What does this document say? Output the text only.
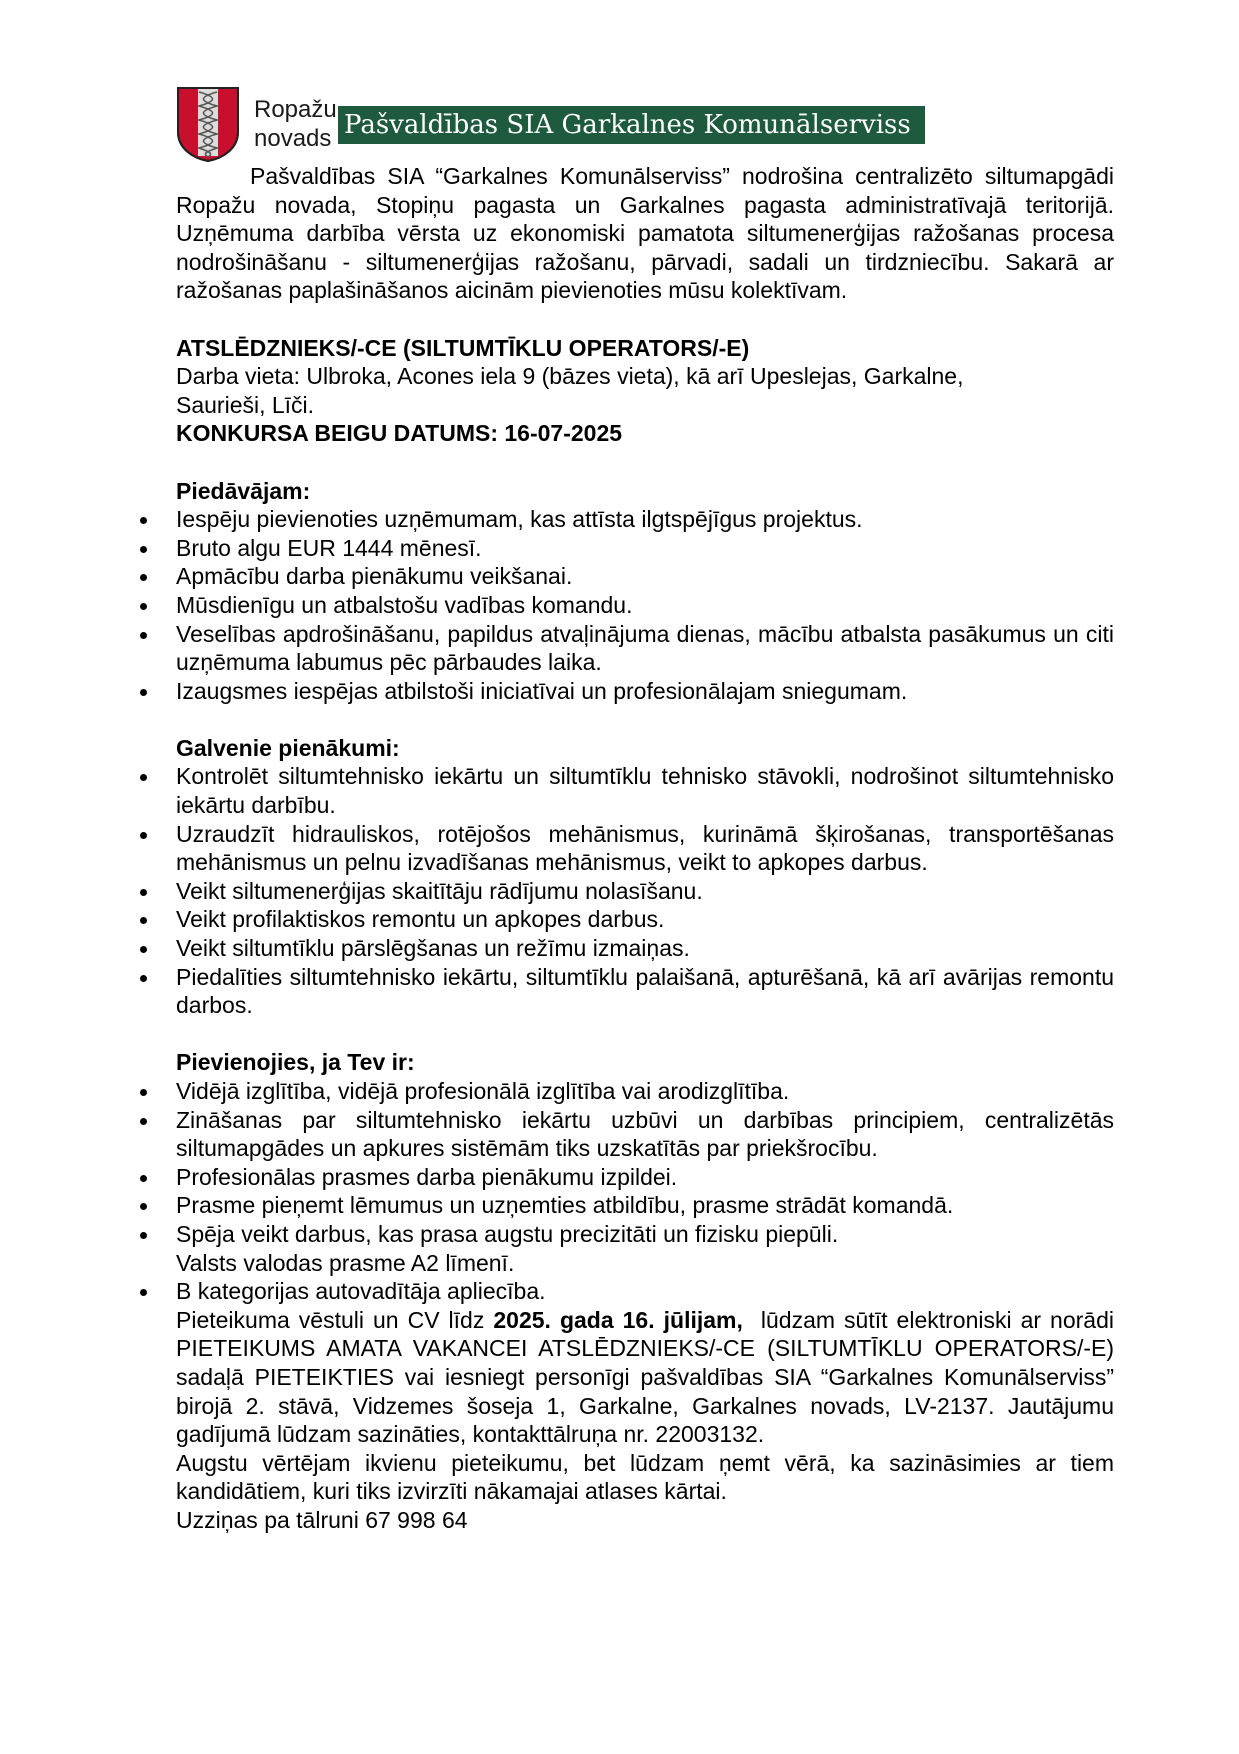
Ropažu
novads Pašvaldības SIA Garkalnes Komunālserviss

Pašvaldības SIA “Garkalnes Komunālserviss” nodrošina centralizēto siltumapgādi Ropažu novada, Stopiņu pagasta un Garkalnes pagasta administratīvajā teritorijā. Uzņēmuma darbība vērsta uz ekonomiski pamatota siltumenerģijas ražošanas procesa nodrošināšanu - siltumenerģijas ražošanu, pārvadi, sadali un tirdzniecību. Sakarā ar ražošanas paplašināšanos aicinām pievienoties mūsu kolektīvam.

ATSLĒDZNIEKS/-CE (SILTUMTĪKLU OPERATORS/-E)

Darba vieta: Ulbroka, Acones iela 9 (bāzes vieta), kā arī Upeslejas, Garkalne,

Saurieši, Līči.

KONKURSA BEIGU DATUMS: 16-07-2025

Piedāvājam:

Iespēju pievienoties uzņēmumam, kas attīsta ilgtspējīgus projektus.
Bruto algu EUR 1444 mēnesī.
Apmācību darba pienākumu veikšanai.
Mūsdienīgu un atbalstošu vadības komandu.
Veselības apdrošināšanu, papildus atvaļinājuma dienas, mācību atbalsta pasākumus un citi uzņēmuma labumus pēc pārbaudes laika.
Izaugsmes iespējas atbilstoši iniciatīvai un profesionālajam sniegumam.

Galvenie pienākumi:

Kontrolēt siltumtehnisko iekārtu un siltumtīklu tehnisko stāvokli, nodrošinot siltumtehnisko iekārtu darbību.
Uzraudzīt hidrauliskos, rotējošos mehānismus, kurināmā šķirošanas, transportēšanas mehānismus un pelnu izvadīšanas mehānismus, veikt to apkopes darbus.
Veikt siltumenerģijas skaitītāju rādījumu nolasīšanu.
Veikt profilaktiskos remontu un apkopes darbus.
Veikt siltumtīklu pārslēgšanas un režīmu izmaiņas.
Piedalīties siltumtehnisko iekārtu, siltumtīklu palaišanā, apturēšanā, kā arī avārijas remontu darbos.

Pievienojies, ja Tev ir:

Vidējā izglītība, vidējā profesionālā izglītība vai arodizglītība.
Zināšanas par siltumtehnisko iekārtu uzbūvi un darbības principiem, centralizētās siltumapgādes un apkures sistēmām tiks uzskatītās par priekšrocību.
Profesionālas prasmes darba pienākumu izpildei.
Prasme pieņemt lēmumus un uzņemties atbildību, prasme strādāt komandā.
Spēja veikt darbus, kas prasa augstu precizitāti un fizisku piepūli.
Valsts valodas prasme A2 līmenī.
B kategorijas autovadītāja apliecība.

Pieteikuma vēstuli un CV līdz 2025. gada 16. jūlijam,  lūdzam sūtīt elektroniski ar norādi PIETEIKUMS AMATA VAKANCEI ATSLĒDZNIEKS/-CE (SILTUMTĪKLU OPERATORS/-E) sadaļā PIETEIKTIES vai iesniegt personīgi pašvaldības SIA “Garkalnes Komunālserviss” birojā 2. stāvā, Vidzemes šoseja 1, Garkalne, Garkalnes novads, LV-2137. Jautājumu gadījumā lūdzam sazināties, kontakttālruņa nr. 22003132.

Augstu vērtējam ikvienu pieteikumu, bet lūdzam ņemt vērā, ka sazināsimies ar tiem kandidātiem, kuri tiks izvirzīti nākamajai atlases kārtai.

Uzziņas pa tālruni 67 998 64
